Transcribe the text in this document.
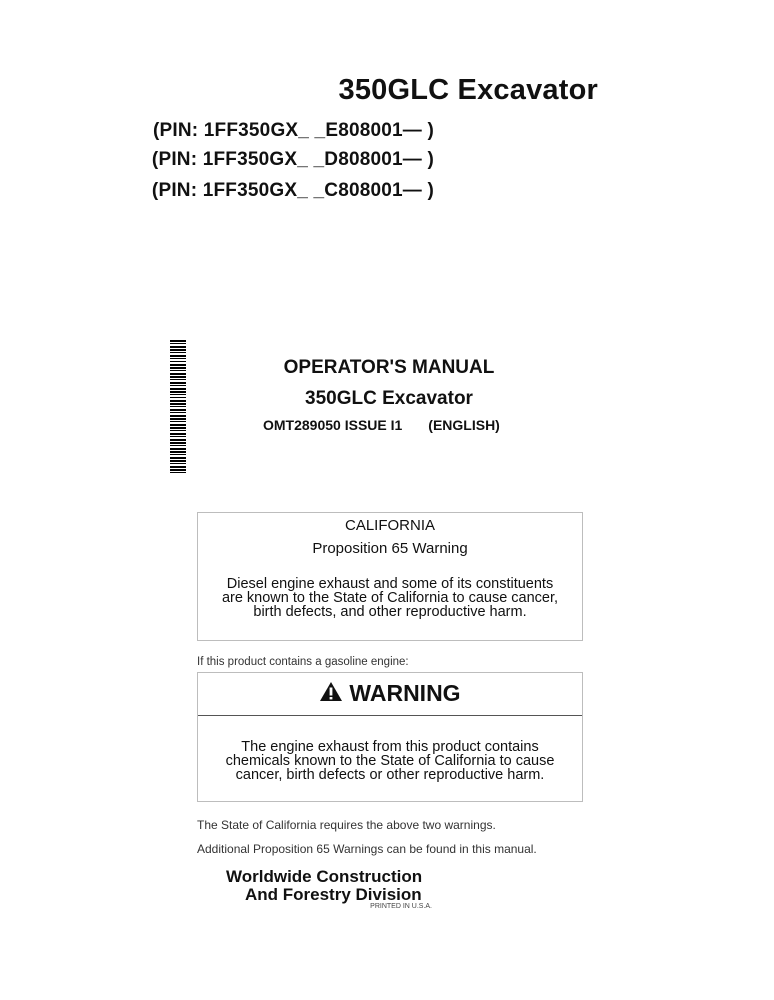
350GLC Excavator
(PIN: 1FF350GX_ _E808001— )
(PIN: 1FF350GX_ _D808001— )
(PIN: 1FF350GX_ _C808001— )
OPERATOR'S MANUAL
350GLC Excavator
OMT289050 ISSUE I1 (ENGLISH)
CALIFORNIA
Proposition 65 Warning
Diesel engine exhaust and some of its constituents
are known to the State of California to cause cancer,
birth defects, and other reproductive harm.
If this product contains a gasoline engine:
WARNING
The engine exhaust from this product contains
chemicals known to the State of California to cause
cancer, birth defects or other reproductive harm.
The State of California requires the above two warnings.
Additional Proposition 65 Warnings can be found in this manual.
Worldwide Construction
And Forestry Division
PRINTED IN U.S.A.
